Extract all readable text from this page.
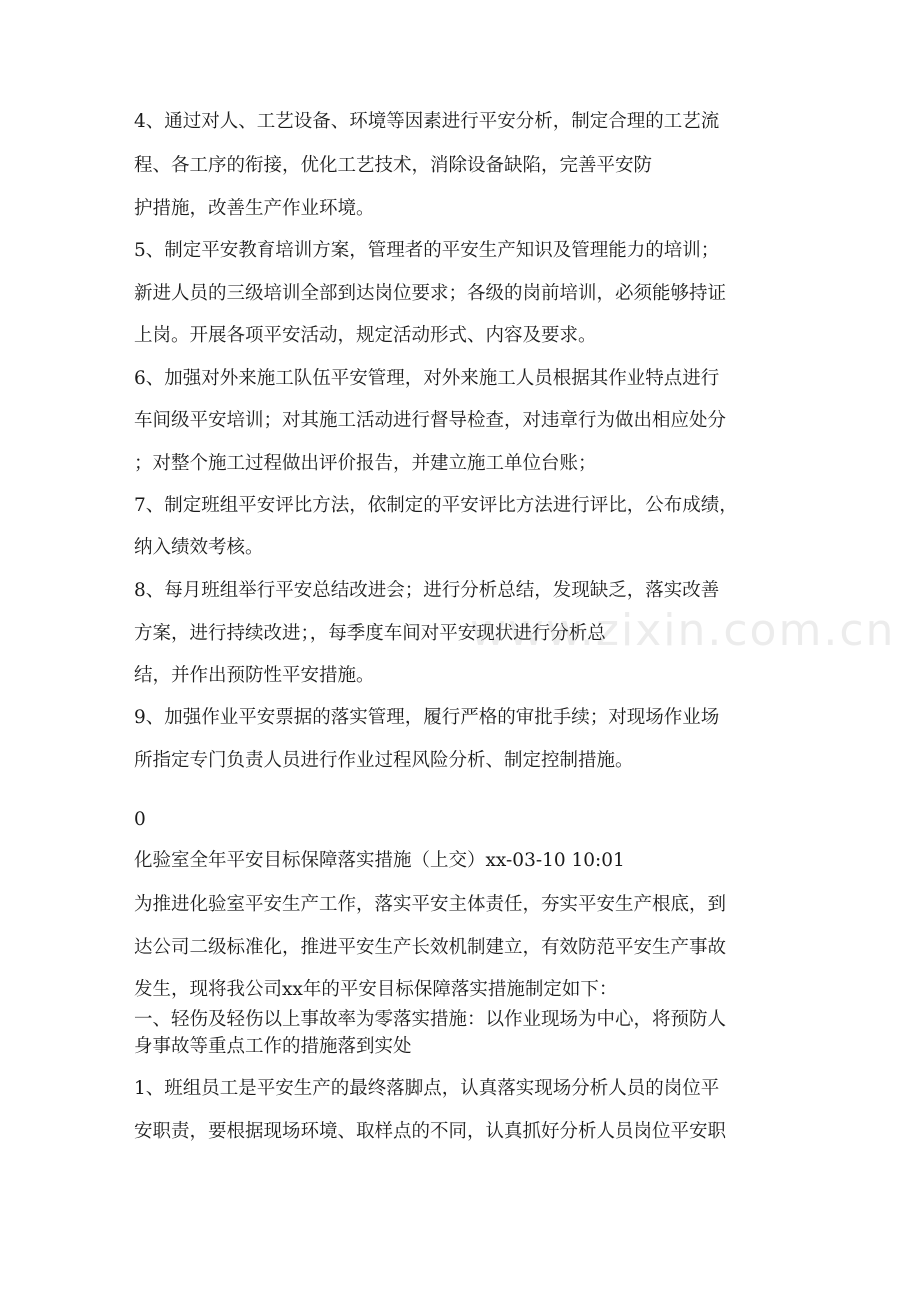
www.zixin.com.cn
4、通过对人、工艺设备、环境等因素进行平安分析，制定合理的工艺流
程、各工序的衔接，优化工艺技术，消除设备缺陷，完善平安防
护措施，改善生产作业环境。
5、制定平安教育培训方案，管理者的平安生产知识及管理能力的培训；
新进人员的三级培训全部到达岗位要求；各级的岗前培训，必须能够持证
上岗。开展各项平安活动，规定活动形式、内容及要求。
6、加强对外来施工队伍平安管理，对外来施工人员根据其作业特点进行
车间级平安培训；对其施工活动进行督导检查，对违章行为做出相应处分
；对整个施工过程做出评价报告，并建立施工单位台账；
7、制定班组平安评比方法，依制定的平安评比方法进行评比，公布成绩，
纳入绩效考核。
8、每月班组举行平安总结改进会；进行分析总结，发现缺乏，落实改善
方案，进行持续改进；，每季度车间对平安现状进行分析总
结，并作出预防性平安措施。
9、加强作业平安票据的落实管理，履行严格的审批手续；对现场作业场
所指定专门负责人员进行作业过程风险分析、制定控制措施。
0
化验室全年平安目标保障落实措施（上交）xx-03-10 10:01
为推进化验室平安生产工作，落实平安主体责任，夯实平安生产根底，到
达公司二级标准化，推进平安生产长效机制建立，有效防范平安生产事故
发生，现将我公司xx年的平安目标保障落实措施制定如下：
一、轻伤及轻伤以上事故率为零落实措施：以作业现场为中心，将预防人
身事故等重点工作的措施落到实处
1、班组员工是平安生产的最终落脚点，认真落实现场分析人员的岗位平
安职责，要根据现场环境、取样点的不同，认真抓好分析人员岗位平安职
